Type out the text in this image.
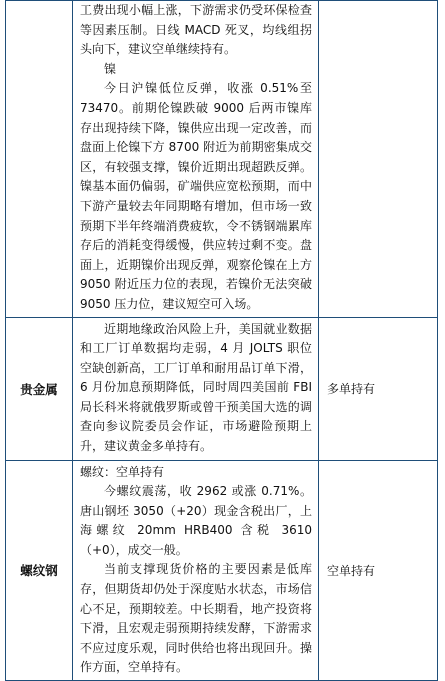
	工费出现小幅上涨，下游需求仍受环保检查等因素压制。日线 MACD 死叉，均线组拐头向下，建议空单继续持有。

镍

今日沪镍低位反弹，收涨 0.51%至 73470。前期伦镍跌破 9000 后两市镍库存出现持续下降，镍供应出现一定改善，而盘面上伦镍下方 8700 附近为前期密集成交区，有较强支撑，镍价近期出现超跌反弹。镍基本面仍偏弱，矿端供应宽松预期，而中下游产量较去年同期略有增加，但市场一致预期下半年终端消费疲软，令不锈钢端累库存后的消耗变得缓慢，供应转过剩不变。盘面上，近期镍价出现反弹，观察伦镍在上方 9050 附近压力位的表现，若镍价无法突破 9050 压力位，建议短空可入场。	

贵金属	近期地缘政治风险上升，美国就业数据和工厂订单数据均走弱，4 月 JOLTS 职位空缺创新高，工厂订单和耐用品订单下滑，6 月份加息预期降低，同时周四美国前 FBI 局长科米将就俄罗斯或曾干预美国大选的调查向参议院委员会作证，市场避险预期上升，建议黄金多单持有。	多单持有
螺纹钢	螺纹：空单持有

今螺纹震荡，收 2962 或涨 0.71%。唐山钢坯 3050（+20）现金含税出厂，上海螺纹 20mm HRB400 含税 3610（+0），成交一般。

当前支撑现货价格的主要因素是低库存，但期货却仍处于深度贴水状态，市场信心不足，预期较差。中长期看，地产投资将下滑，且宏观走弱预期持续发酵，下游需求不应过度乐观，同时供给也将出现回升。操作方面，空单持有。	空单持有
